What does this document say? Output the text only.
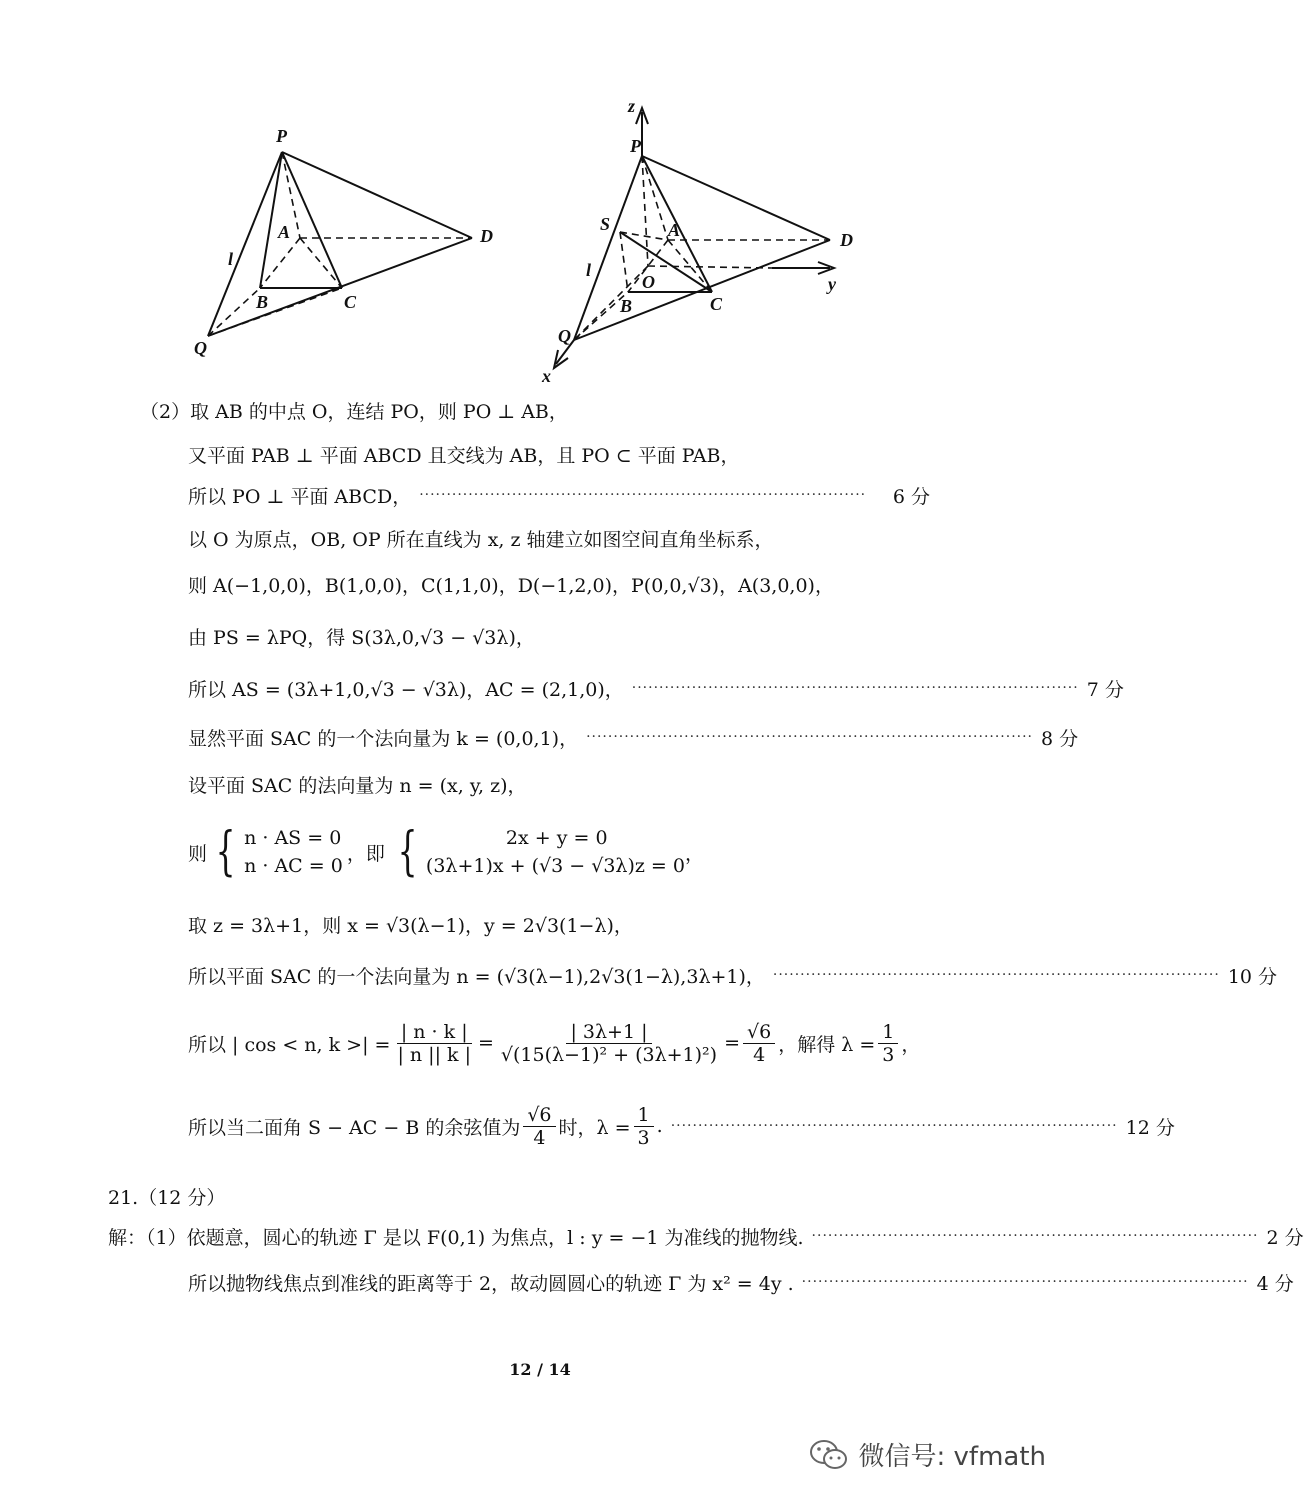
P
A	D
l
B	C
Q
z
P
S	A	D
O	y
l
B	C
Q
x
（2）取 AB 的中点 O，连结 PO，则 PO ⊥ AB，
又平面 PAB ⊥ 平面 ABCD 且交线为 AB，且 PO ⊂ 平面 PAB，
所以 PO ⊥ 平面 ABCD， ··················································································	6 分
以 O 为原点，OB, OP 所在直线为 x, z 轴建立如图空间直角坐标系，
则 A(−1,0,0)，B(1,0,0)，C(1,1,0)，D(−1,2,0)，P(0,0,√3)，A(3,0,0)，
由 PS = λPQ，得 S(3λ,0,√3 − √3λ)，
所以 AS = (3λ+1,0,√3 − √3λ)，AC = (2,1,0)， ·················································································· 7 分
显然平面 SAC 的一个法向量为 k = (0,0,1)， ·················································································· 8 分
设平面 SAC 的法向量为 n = (x, y, z)，
则 { n · AS = 0
n · AC = 0
，即 {	2x + y = 0
(3λ+1)x + (√3 − √3λ)z = 0
，
取 z = 3λ+1，则 x = √3(λ−1)，y = 2√3(1−λ)，
所以平面 SAC 的一个法向量为 n = (√3(λ−1),2√3(1−λ),3λ+1)， ·················································································· 10 分
所以 | cos < n, k >| = $\frac{| n \cdot k |}{| n || k |} = \frac{| 3\lambda+1 |}{\text{√(15(λ−1)² + (3λ+1)²)}} = \frac{√6}{4}$ ，解得 $\lambda = \frac{1}{3}$ ，
所以当二面角 S − AC − B 的余弦值为 $\frac{√6}{4}$ 时，$\lambda = \frac{1}{3}$ . ·················································································· 12 分
21.（12 分）
解：（1）依题意，圆心的轨迹 Γ 是以 F(0,1) 为焦点，l : y = −1 为准线的抛物线. ·················································································· 2 分
所以抛物线焦点到准线的距离等于 2，故动圆圆心的轨迹 Γ 为 x² = 4y . ·················································································· 4 分
12 / 14
微信号: vfmath
